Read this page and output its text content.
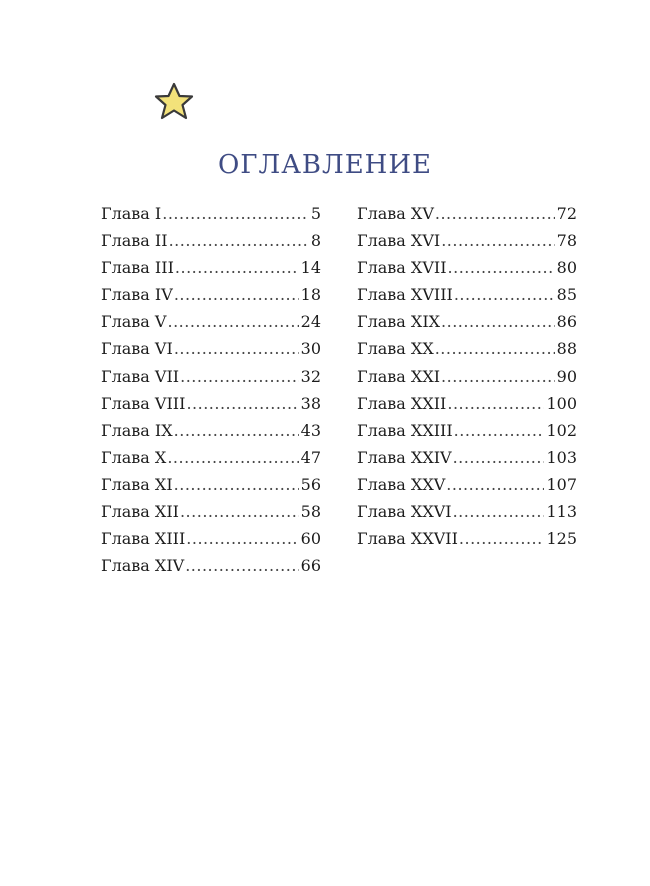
ОГЛАВЛЕНИЕ
Глава I .....	5
Глава II .....	8
Глава III .....	14
Глава IV .....	18
Глава V .....	24
Глава VI .....	30
Глава VII .....	32
Глава VIII .....	38
Глава IX .....	43
Глава X .....	47
Глава XI .....	56
Глава XII .....	58
Глава XIII .....	60
Глава XIV .....	66
Глава XV .....	72
Глава XVI .....	78
Глава XVII .....	80
Глава XVIII .....	85
Глава XIX .....	86
Глава XX .....	88
Глава XXI .....	90
Глава XXII .....	100
Глава XXIII .....	102
Глава XXIV .....	103
Глава XXV .....	107
Глава XXVI .....	113
Глава XXVII .....	125
